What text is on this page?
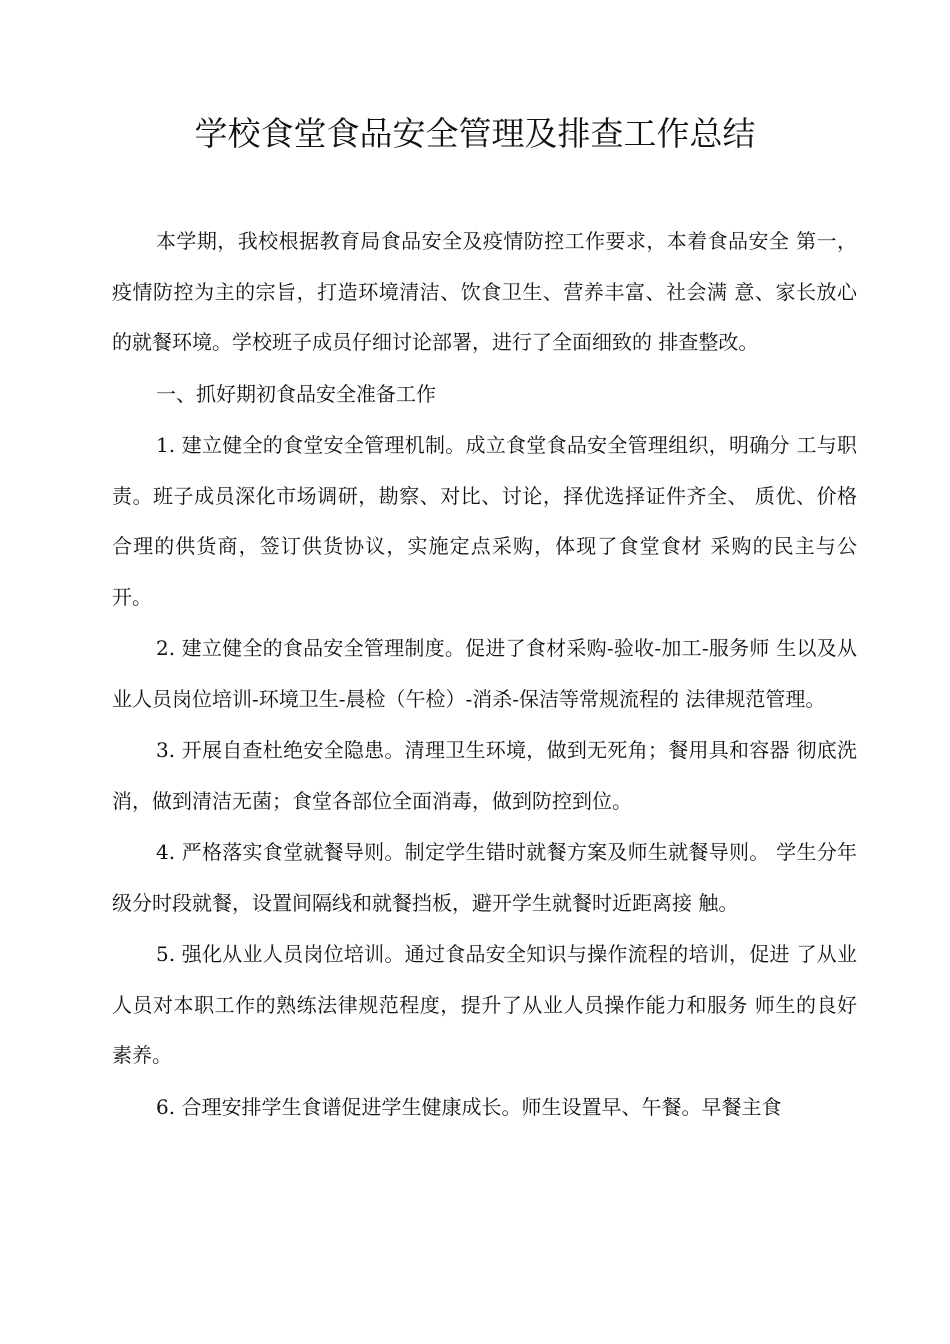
学校食堂食品安全管理及排查工作总结

本学期，我校根据教育局食品安全及疫情防控工作要求，本着食品安全 第一，疫情防控为主的宗旨，打造环境清洁、饮食卫生、营养丰富、社会满 意、家长放心的就餐环境。学校班子成员仔细讨论部署，进行了全面细致的 排查整改。

一、抓好期初食品安全准备工作

1. 建立健全的食堂安全管理机制。成立食堂食品安全管理组织，明确分 工与职责。班子成员深化市场调研，勘察、对比、讨论，择优选择证件齐全、 质优、价格合理的供货商，签订供货协议，实施定点采购，体现了食堂食材 采购的民主与公开。

2. 建立健全的食品安全管理制度。促进了食材采购-验收-加工-服务师 生以及从业人员岗位培训-环境卫生-晨检（午检）-消杀-保洁等常规流程的 法律规范管理。

3. 开展自查杜绝安全隐患。清理卫生环境，做到无死角；餐用具和容器 彻底洗消，做到清洁无菌；食堂各部位全面消毒，做到防控到位。

4. 严格落实食堂就餐导则。制定学生错时就餐方案及师生就餐导则。 学生分年级分时段就餐，设置间隔线和就餐挡板，避开学生就餐时近距离接 触。

5. 强化从业人员岗位培训。通过食品安全知识与操作流程的培训，促进 了从业人员对本职工作的熟练法律规范程度，提升了从业人员操作能力和服务 师生的良好素养。

6. 合理安排学生食谱促进学生健康成长。师生设置早、午餐。早餐主食
